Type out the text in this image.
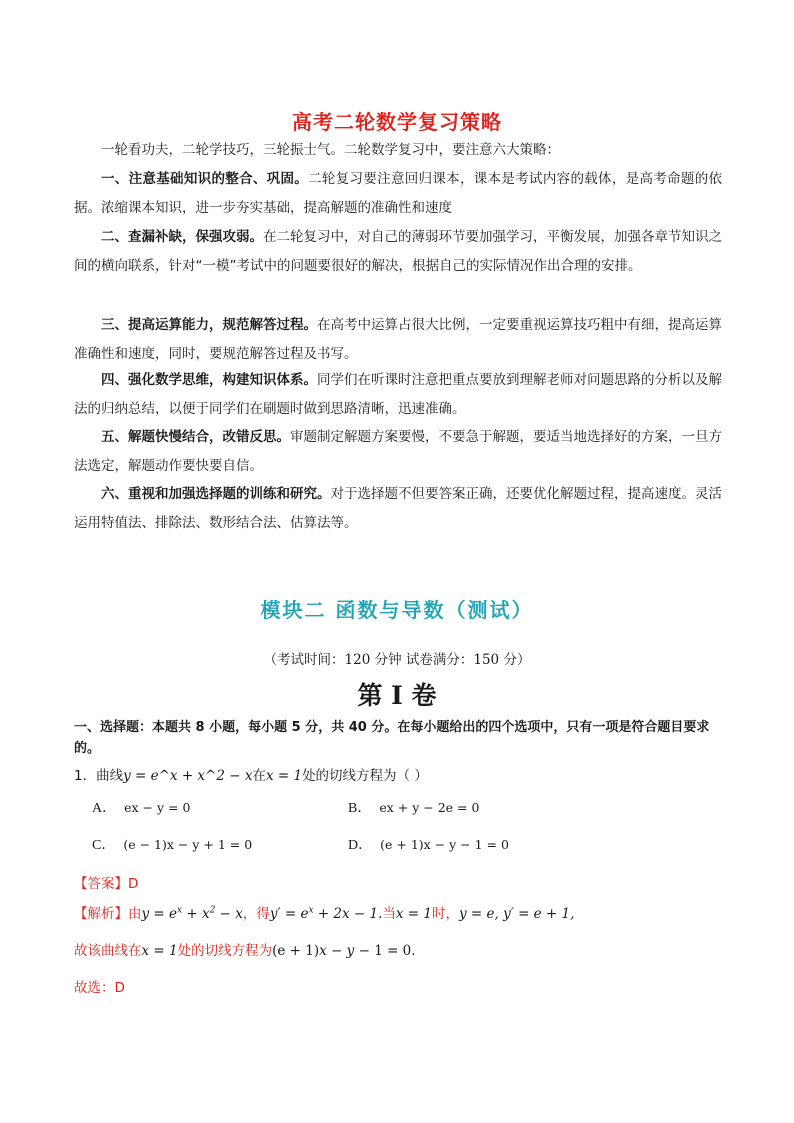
高考二轮数学复习策略
一轮看功夫，二轮学技巧，三轮振士气。二轮数学复习中，要注意六大策略：
一、注意基础知识的整合、巩固。二轮复习要注意回归课本，课本是考试内容的载体，是高考命题的依据。浓缩课本知识，进一步夯实基础，提高解题的准确性和速度
二、查漏补缺，保强攻弱。在二轮复习中，对自己的薄弱环节要加强学习，平衡发展，加强各章节知识之间的横向联系，针对“一模”考试中的问题要很好的解决，根据自己的实际情况作出合理的安排。
三、提高运算能力，规范解答过程。在高考中运算占很大比例，一定要重视运算技巧粗中有细，提高运算准确性和速度，同时，要规范解答过程及书写。
四、强化数学思维，构建知识体系。同学们在听课时注意把重点要放到理解老师对问题思路的分析以及解法的归纳总结，以便于同学们在刷题时做到思路清晰，迅速准确。
五、解题快慢结合，改错反思。审题制定解题方案要慢，不要急于解题，要适当地选择好的方案，一旦方法选定，解题动作要快要自信。
六、重视和加强选择题的训练和研究。对于选择题不但要答案正确，还要优化解题过程，提高速度。灵活运用特值法、排除法、数形结合法、估算法等。
模块二 函数与导数（测试）
（考试时间：120 分钟 试卷满分：150 分）
第 I 卷
一、选择题：本题共 8 小题，每小题 5 分，共 40 分。在每小题给出的四个选项中，只有一项是符合题目要求的。
1．曲线y = e^x + x^2 − x在x = 1处的切线方程为（ ）
A． ex − y = 0	B． ex + y − 2e = 0
C． (e − 1)x − y + 1 = 0	D． (e + 1)x − y − 1 = 0
【答案】D
【解析】由$y = e^x + x^2 - x$，得$y' = e^x + 2x - 1$.当x = 1时，y = e, y′ = e + 1,
故该曲线在x = 1处的切线方程为(e + 1)x − y − 1 = 0.
故选：D
